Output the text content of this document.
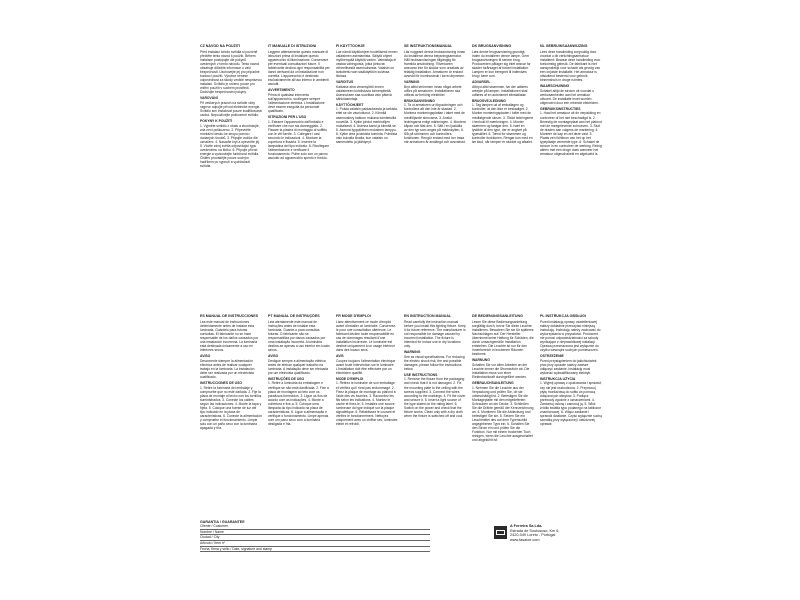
CZ NÁVOD NA POUŽITÍ

Před instalací tohoto svítidla si pozorně přečtěte tento návod k použití. Během instalace postupujte dle pokynů uvedených v tomto návodu. Tento návod obsahuje důležité informace o vaší bezpečnosti. Uschovejte jej pro případné budoucí použití. Výrobce nenese odpovědnost za škody vzniklé nesprávnou instalací. Svítidlo je určeno pouze pro vnitřní použití v suchém prostředí. Dodržujte bezpečnostní pokyny.

VAROVÁNÍ

Při veškerých pracích na svítidle vždy nejprve odpojte přívod elektrické energie. Svítidlo smí instalovat pouze kvalifikovaná osoba. Nepoužívejte poškozené svítidlo.

POKYNY K POUŽITÍ

1. Vyjměte svítidlo z obalu a zkontrolujte, zda není poškozeno. 2. Připevněte montážní desku ke stropu pomocí dodaných šroubů. 3. Připojte vodiče dle označení. 4. Nasaďte kryt a upevněte jej. 5. Vložte zdroj světla odpovídající typu uvedenému na štítku. 6. Připojte přívod energie a vyzkoušejte funkčnost svítidla. Čištění provádějte pouze suchým hadříkem po vypnutí a vychladnutí svítidla.

IT MANUALE DI ISTRUZIONI

Leggere attentamente questo manuale di istruzioni prima di installare questo apparecchio di illuminazione. Conservare per eventuali consultazioni future. Il fabbricante declina ogni responsabilità per danni derivanti da un'installazione non corretta. L'apparecchio è destinato esclusivamente all'uso interno in ambienti asciutti.

AVVERTIMENTO

Prima di qualsiasi intervento sull'apparecchio, scollegare sempre l'alimentazione elettrica. L'installazione deve essere eseguita da personale qualificato.

ISTRUZIONI PER L'USO

1. Estrarre l'apparecchio dall'imballo e verificare che non sia danneggiato. 2. Fissare la piastra di montaggio al soffitto con le viti fornite. 3. Collegare i cavi secondo le indicazioni. 4. Montare la copertura e fissarla. 5. Inserire la lampadina del tipo indicato. 6. Ricollegare l'alimentazione e verificare il funzionamento. Pulire solo con un panno asciutto ad apparecchio spento e freddo.

FI KÄYTTÖOHJE

Lue nämä käyttöohjeet huolellisesti ennen valaisimen asentamista. Säilytä ohjeet myöhempää käyttöä varten. Valmistaja ei vastaa vahingoista, jotka johtuvat virheellisestä asennuksesta. Valaisin on tarkoitettu vain sisäkäyttöön kuivissa tiloissa.

VAROITUS

Katkaise aina virransyöttö ennen valaisimeen kohdistuvia toimenpiteitä. Asennuksen saa suorittaa vain pätevä sähköasentaja.

KÄYTTÖOHJEET

1. Poista valaisin pakkauksesta ja tarkista, ettei se ole vaurioitunut. 2. Kiinnitä asennuslevy kattoon mukana toimitetuilla ruuveilla. 3. Kytke johdot merkintöjen mukaisesti. 4. Asenna kansi ja kiinnitä se. 5. Asenna tyyppikilven mukainen lamppu. 6. Kytke virta ja tarkista toiminta. Puhdista vain kuivalla liinalla, kun valaisin on sammutettu ja jäähtynyt.

SE INSTRUKTIONSMANUAL

Läs noggrant denna bruksanvisning innan du installerar denna belysningsarmatur. Håll bruksanvisningen tillgänglig för framtida användning. Tillverkaren ansvarar inte för skador som orsakats av felaktig installation. Armaturen är endast avsedd för inomhusbruk i torra utrymmen.

VARNING

Bryt alltid strömmen innan något arbete utförs på armaturen. Installationen ska utföras av behörig elektriker.

BRUKSANVISNING

1. Ta ut armaturen ur förpackningen och kontrollera att den inte är skadad. 2. Montera monteringsplattan i taket med de medföljande skruvarna. 3. Anslut ledningarna enligt märkningen. 4. Montera kåpan och fäst den. 5. Sätt i en ljuskälla av den typ som anges på märkskylten. 6. Slå på strömmen och kontrollera funktionen. Rengör endast med torr trasa när armaturen är avstängd och avsvalnad.

DK BRUGSANVISNING

Læs denne brugsanvisning grundigt, inden du installerer denne lampe. Gem brugsanvisningen til senere brug. Producenten påtager sig intet ansvar for skader forårsaget af forkert installation. Lampen er kun beregnet til indendørs brug i tørre rum.

ADVARSEL

Afbryd altid strømmen, før der udføres arbejde på lampen. Installationen skal udføres af en autoriseret elinstallatør.

BRUGSVEJLEDNING

1. Tag lampen ud af emballagen og kontroller, at den ikke er beskadiget. 2. Monter monteringspladen i loftet med de medfølgende skruer. 3. Tilslut ledningerne i henhold til mærkningen. 4. Monter skærmen og fastgør den. 5. Isæt en lyskilde af den type, der er angivet på typeskiltet. 6. Tænd for strømmen og kontroller funktionen. Rengør kun med en tør klud, når lampen er slukket og afkølet.

NL GEBRUIKSAANWIJZING

Lees deze handleiding zorgvuldig door voordat u dit verlichtingsarmatuur installeert. Bewaar deze handleiding voor toekomstig gebruik. De fabrikant is niet aansprakelijk voor schade als gevolg van een onjuiste installatie. Het armatuur is uitsluitend bestemd voor gebruik binnenshuis in droge ruimtes.

WAARSCHUWING

Schakel altijd de stroom uit voordat u werkzaamheden aan het armatuur uitvoert. De installatie moet worden uitgevoerd door een erkende elektricien.

GEBRUIKSINSTRUCTIES

1. Haal het armatuur uit de verpakking en controleer of het niet beschadigd is. 2. Bevestig de montageplaat aan het plafond met de meegeleverde schroeven. 3. Sluit de draden aan volgens de markering. 4. Monteer de kap en zet deze vast. 5. Plaats een lichtbron van het op het typeplaatje vermelde type. 6. Schakel de stroom in en controleer de werking. Reinig alleen met een droge doek wanneer het armatuur uitgeschakeld en afgekoeld is.

ES MANUAL DE INSTRUCCIONES

Lea este manual de instrucciones detenidamente antes de instalar esta luminaria. Guárdelo para futuras consultas. El fabricante no se hace responsable de los daños causados por una instalación incorrecta. La luminaria está destinada únicamente a uso en interiores secos.

AVISO

Desconecte siempre la alimentación eléctrica antes de realizar cualquier trabajo en la luminaria. La instalación debe ser realizada por un electricista cualificado.

INSTRUCCIONES DE USO

1. Retire la luminaria del embalaje y compruebe que no esté dañada. 2. Fije la placa de montaje al techo con los tornillos suministrados. 3. Conecte los cables según las indicaciones. 4. Monte la tapa y fíjela. 5. Coloque una fuente de luz del tipo indicado en la placa de características. 6. Conecte la alimentación y compruebe el funcionamiento. Limpie solo con un paño seco con la luminaria apagada y fría.

PT MANUAL DE INSTRUÇÕES

Leia atentamente este manual de instruções antes de instalar esta luminária. Guarde-o para consultas futuras. O fabricante não se responsabiliza por danos causados por uma instalação incorreta. A luminária destina-se apenas a uso interior em locais secos.

AVISO

Desligue sempre a alimentação elétrica antes de efetuar qualquer trabalho na luminária. A instalação deve ser efetuada por um eletricista qualificado.

INSTRUÇÕES DE USO

1. Retire a luminária da embalagem e verifique se não está danificada. 2. Fixe a placa de montagem ao teto com os parafusos fornecidos. 3. Ligue os fios de acordo com as indicações. 4. Monte a cobertura e fixe-a. 5. Coloque uma lâmpada do tipo indicado na placa de características. 6. Ligue a alimentação e verifique o funcionamento. Limpe apenas com um pano seco com a luminária desligada e fria.

FR MODE D'EMPLOI

Lisez attentivement ce mode d'emploi avant d'installer ce luminaire. Conservez-le pour une consultation ultérieure. Le fabricant décline toute responsabilité en cas de dommages résultant d'une installation incorrecte. Le luminaire est destiné uniquement à un usage intérieur dans des locaux secs.

AVIS

Coupez toujours l'alimentation électrique avant toute intervention sur le luminaire. L'installation doit être effectuée par un électricien qualifié.

MODE D'EMPLOI

1. Retirez le luminaire de son emballage et vérifiez qu'il n'est pas endommagé. 2. Fixez la plaque de montage au plafond à l'aide des vis fournies. 3. Raccordez les fils selon les indications. 4. Montez le cache et fixez-le. 5. Installez une source lumineuse du type indiqué sur la plaque signalétique. 6. Rétablissez le courant et vérifiez le fonctionnement. Nettoyez uniquement avec un chiffon sec, luminaire éteint et refroidi.

EN INSTRUCTION MANUAL

Read carefully the instruction manual before you install this lighting fixture. Keep it for future reference. The manufacturer is not responsible for damage caused by incorrect installation. The fixture is intended for indoor use in dry locations only.

WARNING

See as visual specifications. For reducing the electric shock risk, the and possible damages, please follow the instructions below.

USE INSTRUCTIONS

1. Remove the fixture from the packaging and check that it is not damaged. 2. Fix the mounting plate to the ceiling with the screws supplied. 3. Connect the wires according to the markings. 4. Fit the cover and secure it. 5. Insert a light source of the type stated on the rating label. 6. Switch on the power and check that the fixture works. Clean only with a dry cloth when the fixture is switched off and cool.

DE BEDIENUNGSANLEITUNG

Lesen Sie diese Bedienungsanleitung sorgfältig durch, bevor Sie diese Leuchte installieren. Bewahren Sie sie für späteres Nachschlagen auf. Der Hersteller übernimmt keine Haftung für Schäden, die durch unsachgemäße Installation entstehen. Die Leuchte ist nur für den Innenbereich in trockenen Räumen bestimmt.

WARNUNG

Schalten Sie vor allen Arbeiten an der Leuchte immer die Stromzufuhr ab. Die Installation muss von einer Elektrofachkraft durchgeführt werden.

GEBRAUCHSANLEITUNG

1. Nehmen Sie die Leuchte aus der Verpackung und prüfen Sie, ob sie unbeschädigt ist. 2. Befestigen Sie die Montageplatte mit den mitgelieferten Schrauben an der Decke. 3. Schließen Sie die Drähte gemäß der Kennzeichnung an. 4. Montieren Sie die Abdeckung und befestigen Sie sie. 5. Setzen Sie ein Leuchtmittel des auf dem Typenschild angegebenen Typs ein. 6. Schalten Sie den Strom ein und prüfen Sie die Funktion. Nur mit einem trockenen Tuch reinigen, wenn die Leuchte ausgeschaltet und abgekühlt ist.

PL INSTRUKCJA OBSŁUGI

Przed instalacją oprawy oświetleniowej należy dokładnie przeczytać niniejszą instrukcję. Instrukcję należy zachować do wykorzystania w przyszłości. Producent nie ponosi odpowiedzialności za szkody wynikające z nieprawidłowej instalacji. Oprawa przeznaczona jest wyłącznie do użytku wewnątrz suchych pomieszczeń.

OSTRZEŻENIE

Przed przystąpieniem do jakichkolwiek prac przy oprawie należy zawsze odłączyć zasilanie. Instalację musi wykonać wykwalifikowany elektryk.

INSTRUKCJA UŻYCIA

1. Wyjmij oprawę z opakowania i sprawdź, czy nie jest uszkodzona. 2. Przymocuj płytę montażową do sufitu za pomocą dołączonych wkrętów. 3. Podłącz przewody zgodnie z oznaczeniami. 4. Zamontuj osłonę i zamocuj ją. 5. Włóż źródło światła typu podanego na tabliczce znamionowej. 6. Włącz zasilanie i sprawdź działanie. Czyść wyłącznie suchą szmatką przy wyłączonej i ostudzonej oprawie.

GARANTIA / GUARANTEE
Cliente / Customer
Nombre / Name
Ciudad / City
Artículo / Item nº
Fecha, firma y sello / Date, signature and stamp
A Ferreira Sa Lda.
Estrada de Soutosuso, Km 6,
2420-049 Loreto - Portugal
www.fasaloe.com
